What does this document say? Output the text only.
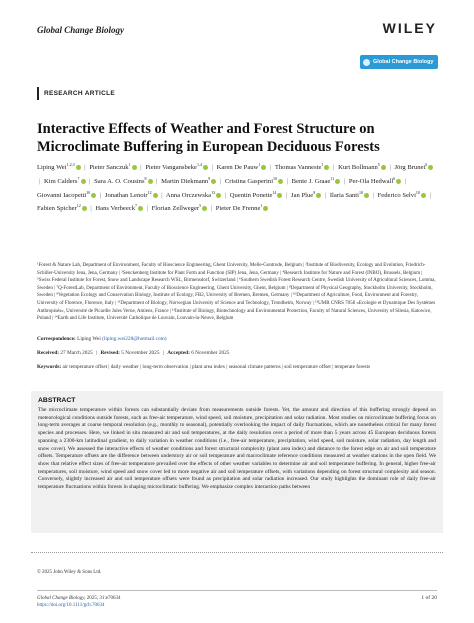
Global Change Biology	WILEY
Global Change Biology
RESEARCH ARTICLE
Interactive Effects of Weather and Forest Structure on Microclimate Buffering in European Deciduous Forests
Liping Wei$^{1,2,3}$ | Pieter Sanczuk$^1$ | Pieter Vangansbeke$^{1,4}$ | Karen De Pauw$^1$ | Thomas Vanneste$^1$ | Kurt Bollmann$^5$ | Jörg Brunet$^6$ | Kim Calders$^7$ | Sara A. O. Cousins$^8$ | Martin Diekmann$^9$ | Cristina Gasperini$^{10}$ | Bente J. Graae$^{11}$ | Per-Ola Hedwall$^6$ | Giovanni Iacopetti$^{10}$ | Jonathan Lenoir$^{12}$ | Anna Orczewska$^{13}$ | Quentin Ponette$^{14}$ | Jan Plue$^8$ | Ilaria Santi$^{10}$ | Federico Selvi$^{10}$ | Fabien Spicher$^{12}$ | Hans Verbeeck$^7$ | Florian Zellweger$^5$ | Pieter De Frenne$^1$
¹Forest & Nature Lab, Department of Environment, Faculty of Bioscience Engineering, Ghent University, Melle-Gontrode, Belgium | ²Institute of Biodiversity, Ecology and Evolution, Friedrich-Schiller-University Jena, Jena, Germany | ³Senckenberg Institute for Plant Form and Function (SIP) Jena, Jena, Germany | ⁴Research Institute for Nature and Forest (INBO), Brussels, Belgium | ⁵Swiss Federal Institute for Forest, Snow and Landscape Research WSL, Birmensdorf, Switzerland | ⁶Southern Swedish Forest Research Centre, Swedish University of Agricultural Sciences, Lomma, Sweden | ⁷Q-ForestLab, Department of Environment, Faculty of Bioscience Engineering, Ghent University, Ghent, Belgium | ⁸Department of Physical Geography, Stockholm University, Stockholm, Sweden | ⁹Vegetation Ecology and Conservation Biology, Institute of Ecology, FB2, University of Bremen, Bremen, Germany | ¹⁰Department of Agriculture, Food, Environment and Forestry, University of Florence, Florence, Italy | ¹¹Department of Biology, Norwegian University of Science and Technology, Trondheim, Norway | ¹²UMR CNRS 7058 «Ecologie et Dynamique Des Systèmes Anthropisés», Université de Picardie Jules Verne, Amiens, France | ¹³Institute of Biology, Biotechnology and Environmental Protection, Faculty of Natural Sciences, University of Silesia, Katowice, Poland | ¹⁴Earth and Life Institute, Université Catholique de Louvain, Louvain-la-Neuve, Belgium
Correspondence: Liping Wei (liping.wei228@hotmail.com)
Received: 27 March 2025 | Revised: 5 November 2025 | Accepted: 6 November 2025
Keywords: air temperature offset | daily weather | long-term observation | plant area index | seasonal climate patterns | soil temperature offset | temperate forests
ABSTRACT
The microclimate temperature within forests can substantially deviate from measurements outside forests. Yet, the amount and direction of this buffering strongly depend on meteorological conditions outside forests, such as free-air temperature, wind speed, soil moisture, precipitation and solar radiation. Most studies on microclimate buffering focus on long-term averages at coarse temporal resolution (e.g., monthly to seasonal), potentially overlooking the impact of daily fluctuations, which are nonetheless critical for many forest species and processes. Here, we linked in situ measured air and soil temperatures, at the daily resolution over a period of more than 5 years across 45 European deciduous forests spanning a 2300-km latitudinal gradient, to daily variation in weather conditions (i.e., free-air temperature, precipitation, wind speed, soil moisture, solar radiation, day length and snow cover). We assessed the interactive effects of weather conditions and forest structural complexity (plant area index) and distance to the forest edge on air and soil temperature offsets. Temperature offsets are the difference between understory air or soil temperature and macroclimate reference conditions measured at weather stations in the open field. We show that relative effect sizes of free-air temperature prevailed over the effects of other weather variables to determine air and soil temperature buffering. In general, higher free-air temperatures, soil moisture, wind speed and snow cover led to more negative air and soil temperature offsets, with variations depending on forest structural complexity and season. Conversely, slightly increased air and soil temperature offsets were found as precipitation and solar radiation increased. Our study highlights the dominant role of daily free-air temperature fluctuations within forests in shaping microclimatic buffering. We emphasize complex interaction paths between
© 2025 John Wiley & Sons Ltd.
Global Change Biology, 2025; 31:e70634
https://doi.org/10.1111/gcb.70634
1 of 20
